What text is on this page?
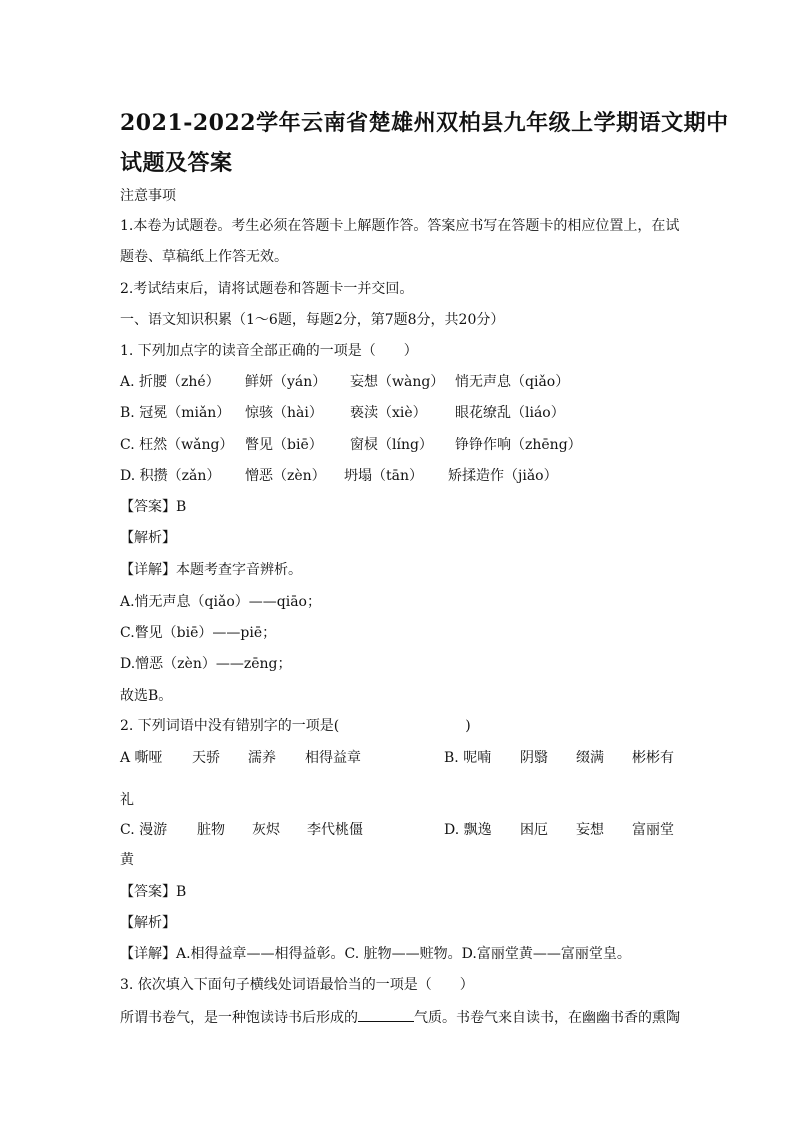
2021-2022学年云南省楚雄州双柏县九年级上学期语文期中
试题及答案
注意事项
1.本卷为试题卷。考生必须在答题卡上解题作答。答案应书写在答题卡的相应位置上，在试
题卷、草稿纸上作答无效。
2.考试结束后，请将试题卷和答题卡一并交回。
一、语文知识积累（1～6题，每题2分，第7题8分，共20分）
1. 下列加点字的读音全部正确的一项是（　　）
A. 折腰（zhé） 鲜妍（yán） 妄想（wàng） 悄无声息（qiǎo）
B. 冠冕（miǎn） 惊骇（hài） 亵渎（xiè） 眼花缭乱（liáo）
C. 枉然（wǎng） 瞥见（biē） 窗棂（líng） 铮铮作响（zhēng）
D. 积攒（zǎn） 憎恶（zèn） 坍塌（tān） 矫揉造作（jiǎo）
【答案】B
【解析】
【详解】本题考查字音辨析。
A.悄无声息（qiǎo）——qiāo；
C.瞥见（biē）——piē；
D.憎恶（zèn）——zēng；
故选B。
2. 下列词语中没有错别字的一项是(　　　　　　　　　)
A 嘶哑 天骄 濡养 相得益章	B. 呢喃 阴翳 缀满 彬彬有
礼
C. 漫游 脏物 灰烬 李代桃僵	D. 飘逸 困厄 妄想 富丽堂
黄
【答案】B
【解析】
【详解】A.相得益章——相得益彰。C. 脏物——赃物。D.富丽堂黄——富丽堂皇。
3. 依次填入下面句子横线处词语最恰当的一项是（　　）
所谓书卷气，是一种饱读诗书后形成的	气质。书卷气来自读书，在幽幽书香的熏陶
